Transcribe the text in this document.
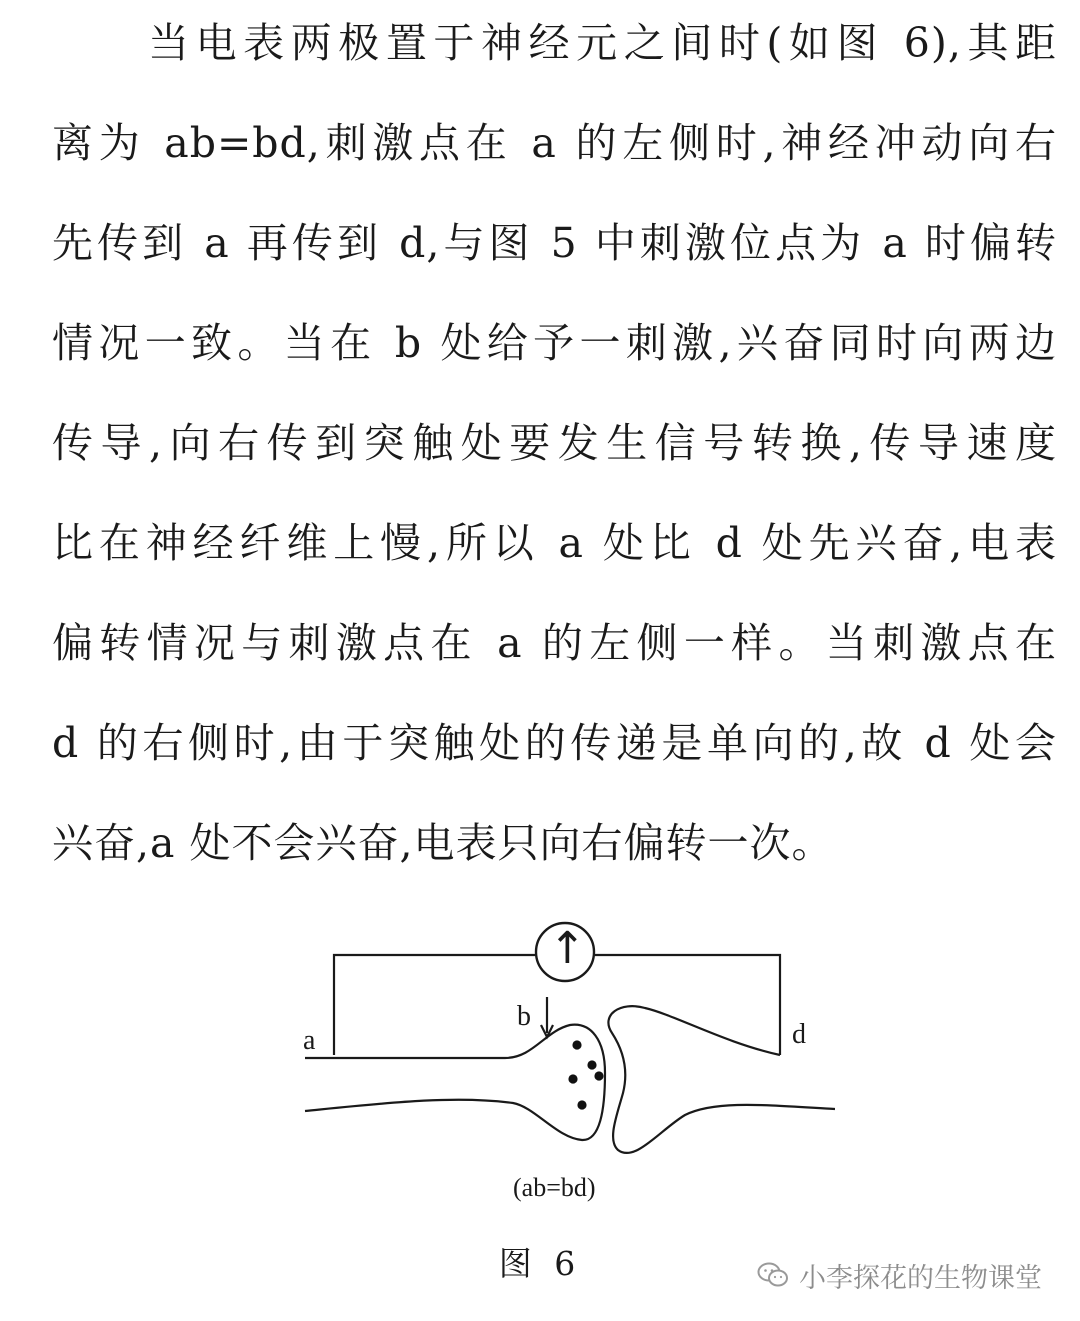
当电表两极置于神经元之间时(如图 6),其距
离为 ab=bd,刺激点在 a 的左侧时,神经冲动向右
先传到 a 再传到 d,与图 5 中刺激位点为 a 时偏转
情况一致。当在 b 处给予一刺激,兴奋同时向两边
传导,向右传到突触处要发生信号转换,传导速度
比在神经纤维上慢,所以 a 处比 d 处先兴奋,电表
偏转情况与刺激点在 a 的左侧一样。当刺激点在
d 的右侧时,由于突触处的传递是单向的,故 d 处会
兴奋,a 处不会兴奋,电表只向右偏转一次。
↑
a
b
d
(ab=bd)
图 6	小李探花的生物课堂
